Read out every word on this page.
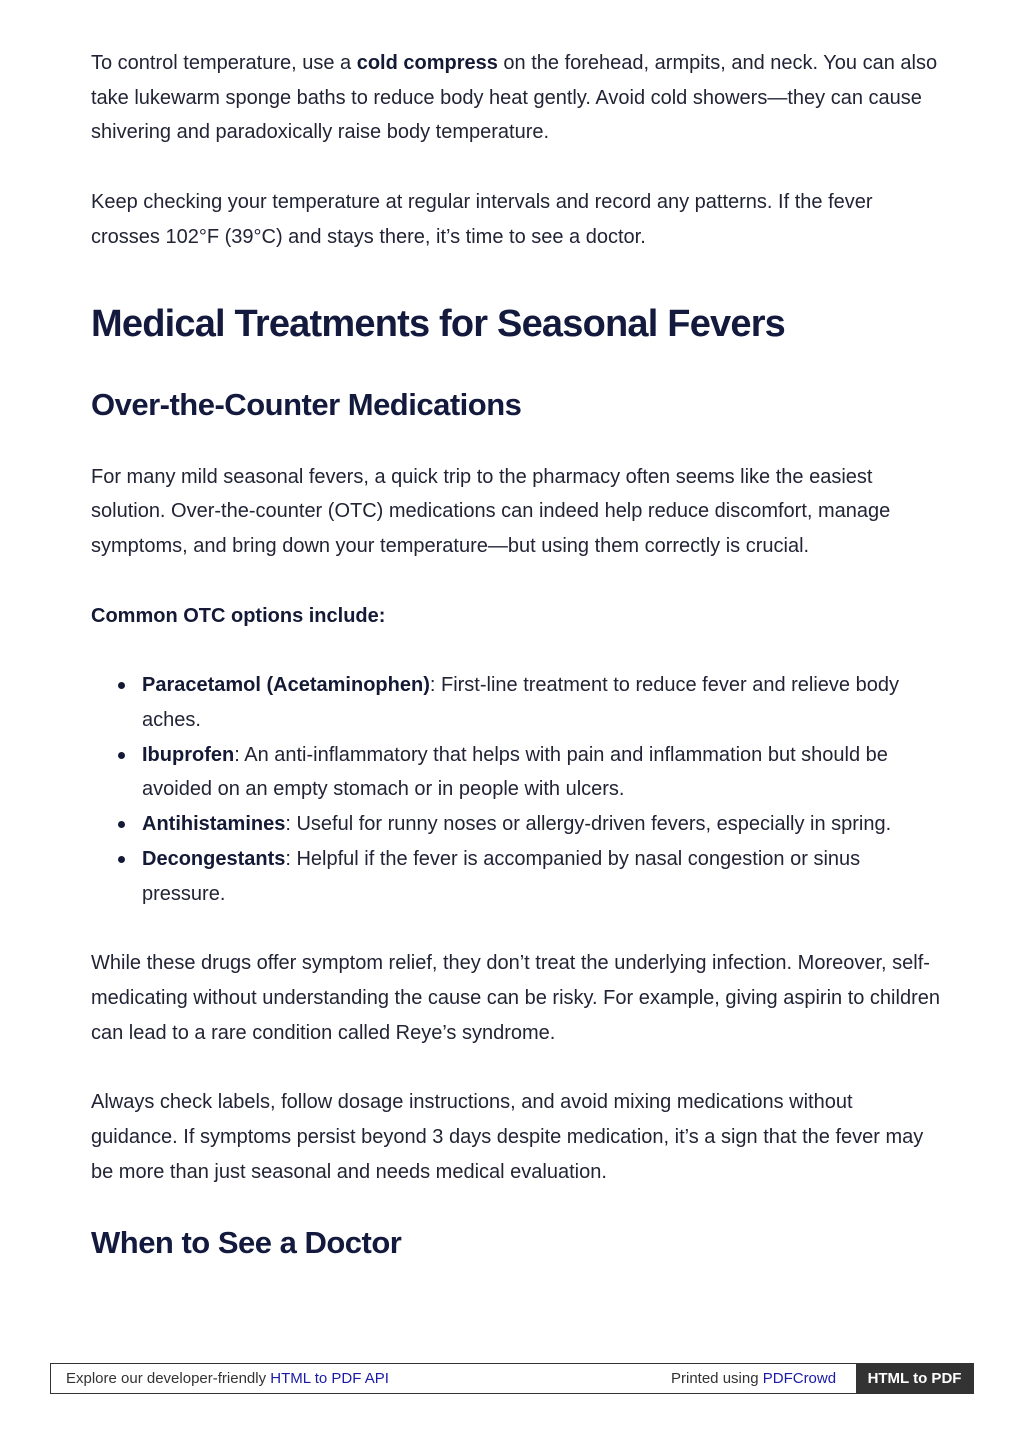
To control temperature, use a cold compress on the forehead, armpits, and neck. You can also take lukewarm sponge baths to reduce body heat gently. Avoid cold showers—they can cause shivering and paradoxically raise body temperature.

Keep checking your temperature at regular intervals and record any patterns. If the fever crosses 102°F (39°C) and stays there, it’s time to see a doctor.

Medical Treatments for Seasonal Fevers
Over-the-Counter Medications

For many mild seasonal fevers, a quick trip to the pharmacy often seems like the easiest solution. Over-the-counter (OTC) medications can indeed help reduce discomfort, manage symptoms, and bring down your temperature—but using them correctly is crucial.

Common OTC options include:

Paracetamol (Acetaminophen): First-line treatment to reduce fever and relieve body aches.
Ibuprofen: An anti-inflammatory that helps with pain and inflammation but should be avoided on an empty stomach or in people with ulcers.
Antihistamines: Useful for runny noses or allergy-driven fevers, especially in spring.
Decongestants: Helpful if the fever is accompanied by nasal congestion or sinus pressure.

While these drugs offer symptom relief, they don’t treat the underlying infection. Moreover, self-medicating without understanding the cause can be risky. For example, giving aspirin to children can lead to a rare condition called Reye’s syndrome.

Always check labels, follow dosage instructions, and avoid mixing medications without guidance. If symptoms persist beyond 3 days despite medication, it’s a sign that the fever may be more than just seasonal and needs medical evaluation.

When to See a Doctor
Explore our developer-friendly HTML to PDF API	Printed using PDFCrowd	HTML to PDF
